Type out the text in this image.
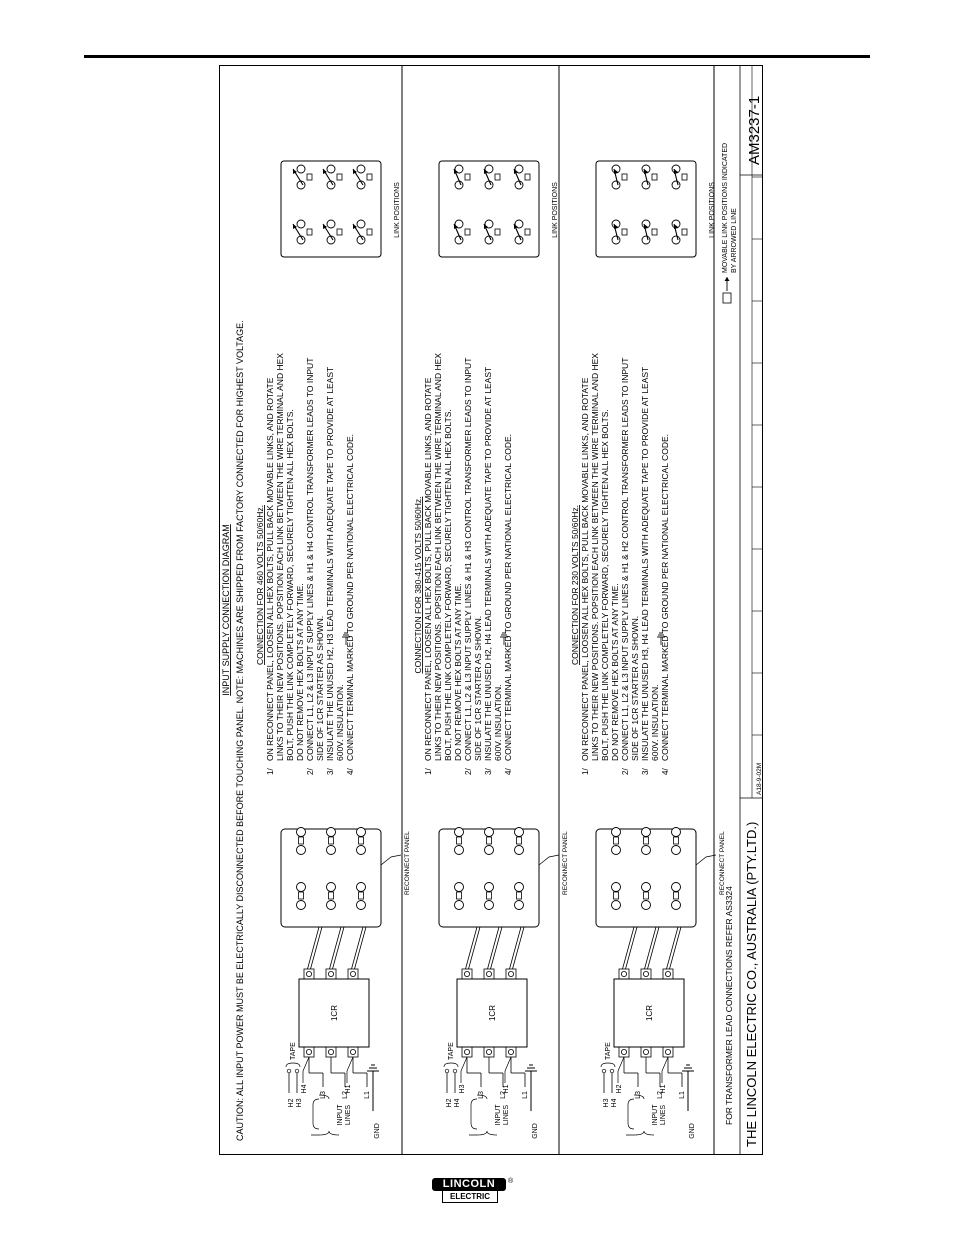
INPUT SUPPLY CONNECTION DIAGRAM CAUTION: ALL INPUT POWER MUST BE ELECTRICALLY DISCONNECTED BEFORE TOUCHING PANEL. NOTE: MACHINES ARE SHIPPED FROM FACTORY CONNECTED FOR HIGHEST VOLTAGE.	INPUT LINES
GND
H2 H3
TAPE
L3
H4
L2 L1
H1
1CR
RECONNECT PANEL
CONNECTION FOR 460 VOLTS 50/60Hz.
1/
ON RECONNECT PANEL, LOOSEN ALL HEX BOLTS, PULL BACK MOVABLE LINKS, AND ROTATE LINKS TO THEIR NEW POSITIONS. POPSITION EACH LINK BETWEEN THE WIRE TERMINAL AND HEX BOLT, PUSH THE LINK COMPLETELY FORWARD, SECURELY TIGHTEN ALL HEX BOLTS. DO NOT REMOVE HEX BOLTS AT ANY TIME.
2/
CONNECT L1, L2 & L3 INPUT SUPPLY LINES & H1 & H4 CONTROL TRANSFORMER LEADS TO INPUT SIDE OF 1CR STARTER AS SHOWN.
3/
INSULATE THE UNUSED H2, H3 LEAD TERMINALS WITH ADEQUATE TAPE TO PROVIDE AT LEAST 600V. INSULATION.
4/
CONNECT TERMINAL MARKED TO GROUND PER NATIONAL ELECTRICAL CODE.
LINK POSITIONS
INPUT LINES
GND
H2 H4
TAPE
L3
H3
L2 L1
H1
1CR
RECONNECT PANEL
CONNECTION FOR 380-415 VOLTS 50/60Hz.
1/
ON RECONNECT PANEL, LOOSEN ALL HEX BOLTS, PULL BACK MOVABLE LINKS, AND ROTATE LINKS TO THEIR NEW POSITIONS. POPSITION EACH LINK BETWEEN THE WIRE TERMINAL AND HEX BOLT, PUSH THE LINK COMPLETELY FORWARD, SECURELY TIGHTEN ALL HEX BOLTS. DO NOT REMOVE HEX BOLTS AT ANY TIME.
2/
CONNECT L1, L2 & L3 INPUT SUPPLY LINES & H1 & H3 CONTROL TRANSFORMER LEADS TO INPUT SIDE OF 1CR STARTER AS SHOWN.
3/
INSULATE THE UNUSED H2, H4 LEAD TERMINALS WITH ADEQUATE TAPE TO PROVIDE AT LEAST 600V. INSULATION.
4/
CONNECT TERMINAL MARKED TO GROUND PER NATIONAL ELECTRICAL CODE.
LINK POSITIONS
INPUT LINES
GND
H3 H4
TAPE
L3
H2
L2 L1
H1
1CR
RECONNECT PANEL
CONNECTION FOR 230 VOLTS 50/60Hz.
1/
ON RECONNECT PANEL, LOOSEN ALL HEX BOLTS, PULL BACK MOVABLE LINKS, AND ROTATE LINKS TO THEIR NEW POSITIONS. POPSITION EACH LINK BETWEEN THE WIRE TERMINAL AND HEX BOLT, PUSH THE LINK COMPLETELY FORWARD, SECURELY TIGHTEN ALL HEX BOLTS. DO NOT REMOVE HEX BOLTS AT ANY TIME.
2/
CONNECT L1, L2 & L3 INPUT SUPPLY LINES & H1 & H2 CONTROL TRANSFORMER LEADS TO INPUT SIDE OF 1CR STARTER AS SHOWN.
3/
INSULATE THE UNUSED H3, H4 LEAD TERMINALS WITH ADEQUATE TAPE TO PROVIDE AT LEAST 600V. INSULATION.
4/
CONNECT TERMINAL MARKED TO GROUND PER NATIONAL ELECTRICAL CODE.
LINK POSITIONS
FOR TRANSFORMER LEAD CONNECTIONS REFER AS3324 THE LINCOLN ELECTRIC CO., AUSTRALIA (PTY.LTD.)
A18-9-02M
MOVABLE LINK POSITIONS INDICATED BY ARROWED LINE
AM3237-1
LINCOLN
ELECTRIC
®
